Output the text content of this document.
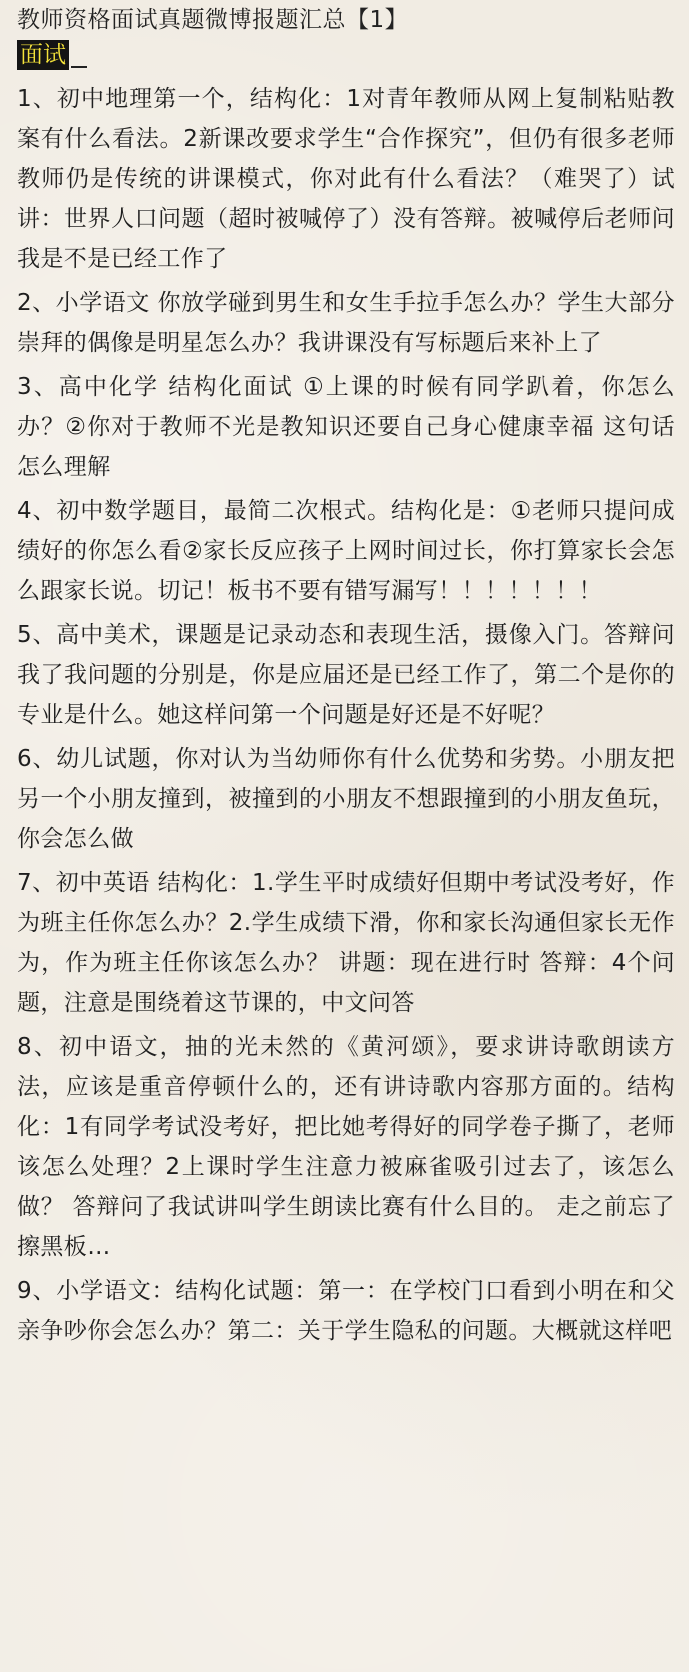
教师资格面试真题微博报题汇总【1】
面试

1、初中地理第一个，结构化：1对青年教师从网上复制粘贴教案有什么看法。2新课改要求学生“合作探究”，但仍有很多老师教师仍是传统的讲课模式，你对此有什么看法？（难哭了）试讲：世界人口问题（超时被喊停了）没有答辩。被喊停后老师问我是不是已经工作了

2、小学语文 你放学碰到男生和女生手拉手怎么办？学生大部分崇拜的偶像是明星怎么办？我讲课没有写标题后来补上了

3、高中化学 结构化面试 ①上课的时候有同学趴着，你怎么办？②你对于教师不光是教知识还要自己身心健康幸福 这句话怎么理解

4、初中数学题目，最简二次根式。结构化是：①老师只提问成绩好的你怎么看②家长反应孩子上网时间过长，你打算家长会怎么跟家长说。切记！板书不要有错写漏写！！！！！！！

5、高中美术，课题是记录动态和表现生活，摄像入门。答辩问我了我问题的分别是，你是应届还是已经工作了，第二个是你的专业是什么。她这样问第一个问题是好还是不好呢？

6、幼儿试题，你对认为当幼师你有什么优势和劣势。小朋友把另一个小朋友撞到，被撞到的小朋友不想跟撞到的小朋友鱼玩，你会怎么做

7、初中英语 结构化：1.学生平时成绩好但期中考试没考好，作为班主任你怎么办？2.学生成绩下滑，你和家长沟通但家长无作为，作为班主任你该怎么办？ 讲题：现在进行时 答辩：4个问题，注意是围绕着这节课的，中文问答

8、初中语文，抽的光未然的《黄河颂》，要求讲诗歌朗读方法，应该是重音停顿什么的，还有讲诗歌内容那方面的。结构化：1有同学考试没考好，把比她考得好的同学卷子撕了，老师该怎么处理？2上课时学生注意力被麻雀吸引过去了，该怎么做？ 答辩问了我试讲叫学生朗读比赛有什么目的。 走之前忘了擦黑板…

9、小学语文：结构化试题：第一：在学校门口看到小明在和父亲争吵你会怎么办？第二：关于学生隐私的问题。大概就这样吧
